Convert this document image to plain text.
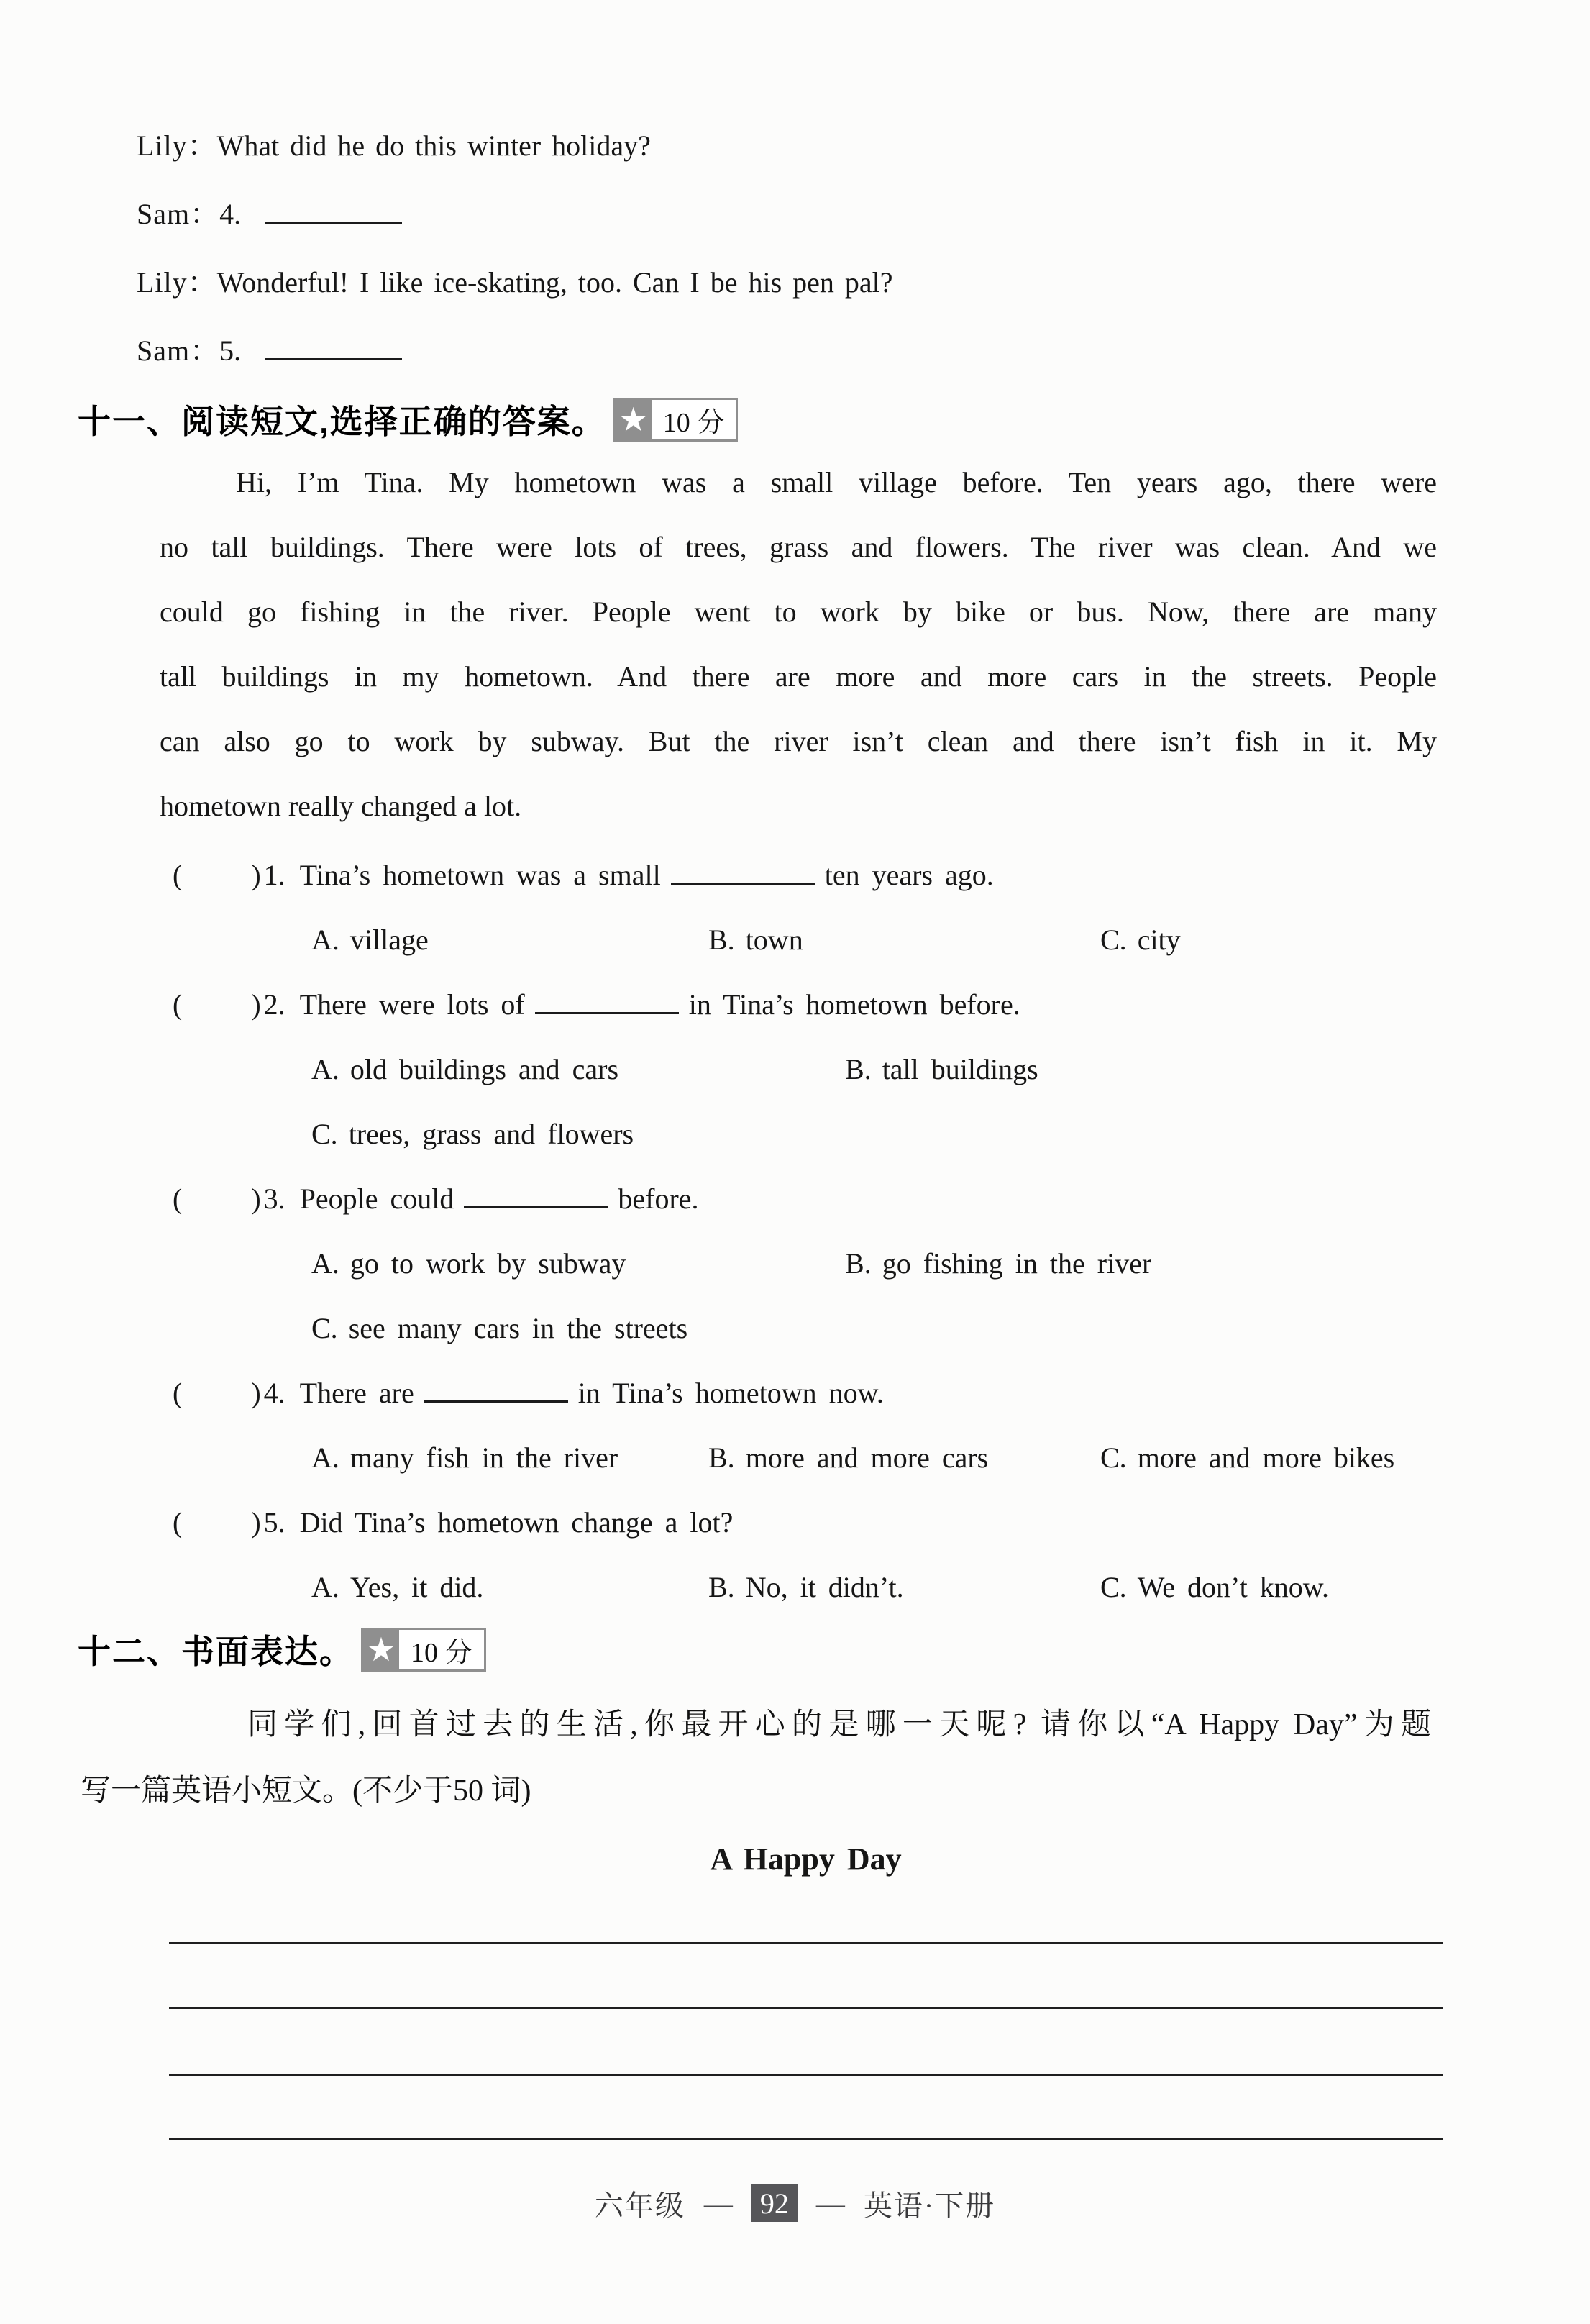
Lily：What did he do this winter holiday?
Sam：4.
Lily：Wonderful! I like ice-skating, too. Can I be his pen pal?
Sam：5.
十一、阅读短文,选择正确的答案。 ★ 10 分
Hi, I’m Tina. My hometown was a small village before. Ten years ago, there were
no tall buildings. There were lots of trees, grass and flowers. The river was clean. And we
could go fishing in the river. People went to work by bike or bus. Now, there are many
tall buildings in my hometown. And there are more and more cars in the streets. People
can also go to work by subway. But the river isn’t clean and there isn’t fish in it. My
hometown really changed a lot.
( ) 1. Tina’s hometown was a small	ten years ago.
A. village	B. town	C. city
( ) 2. There were lots of	in Tina’s hometown before.
A. old buildings and cars	B. tall buildings
C. trees, grass and flowers
( ) 3. People could	before.
A. go to work by subway	B. go fishing in the river
C. see many cars in the streets
( ) 4. There are	in Tina’s hometown now.
A. many fish in the river	B. more and more cars	C. more and more bikes
( ) 5. Did Tina’s hometown change a lot?
A. Yes, it did.	B. No, it didn’t.	C. We don’t know.
十二、书面表达。 ★ 10 分
同学们,回首过去的生活,你最开心的是哪一天呢? 请你以“A Happy Day”为题
写一篇英语小短文。(不少于50 词)
A Happy Day
六年级 — 92 — 英语·下册
